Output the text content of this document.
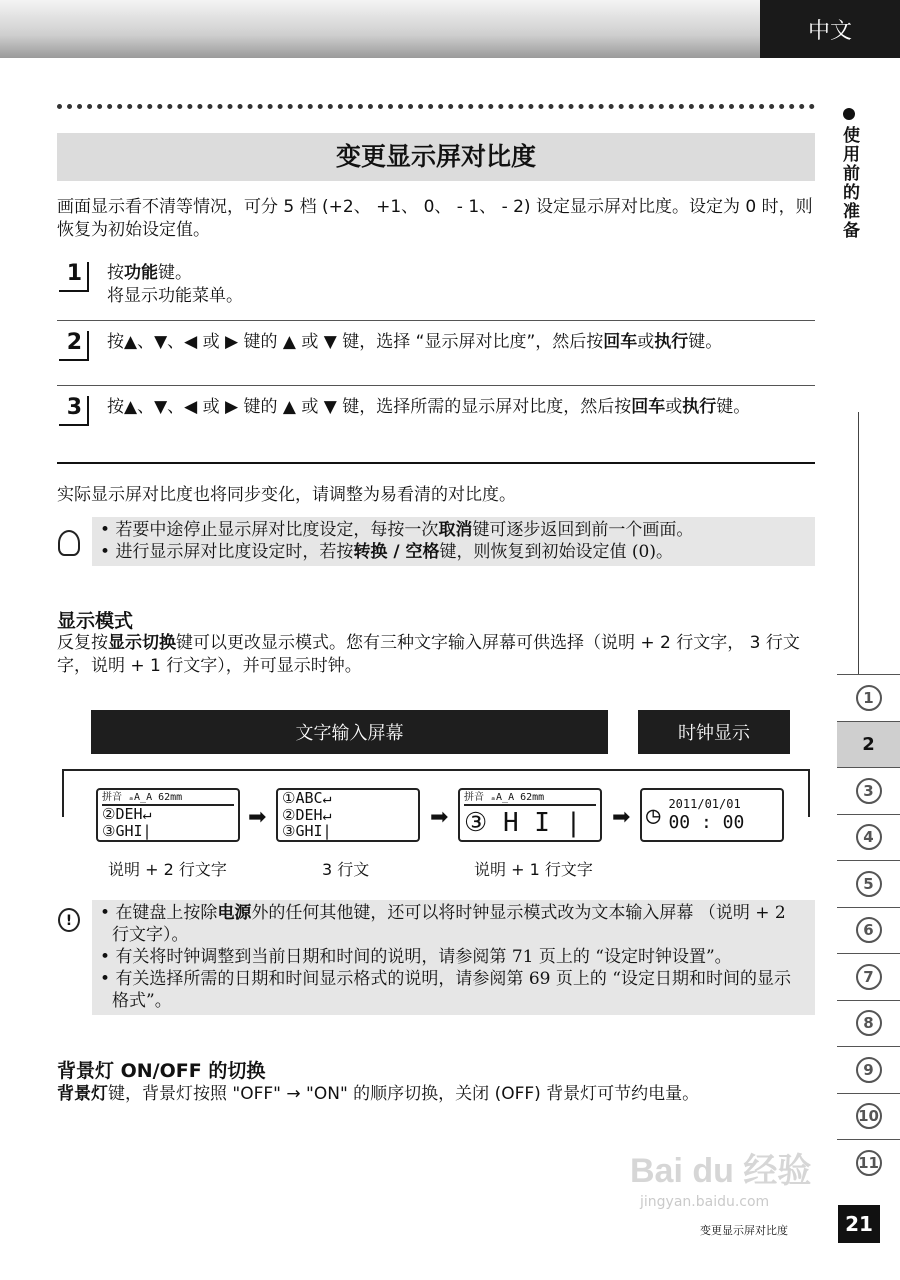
中文
使用前的准备
变更显示屏对比度
画面显示看不清等情况，可分 5 档 (+2、 +1、 0、 - 1、 - 2) 设定显示屏对比度。设定为 0 时，则恢复为初始设定值。
1	按功能键。
将显示功能菜单。
2	按▲、▼、◀ 或 ▶ 键的 ▲ 或 ▼ 键，选择 “显示屏对比度”，然后按回车或执行键。
3	按▲、▼、◀ 或 ▶ 键的 ▲ 或 ▼ 键，选择所需的显示屏对比度，然后按回车或执行键。
实际显示屏对比度也将同步变化，请调整为易看清的对比度。
• 若要中途停止显示屏对比度设定，每按一次取消键可逐步返回到前一个画面。
• 进行显示屏对比度设定时，若按转换 / 空格键，则恢复到初始设定值 (0)。
显示模式
反复按显示切换键可以更改显示模式。您有三种文字输入屏幕可供选择（说明 + 2 行文字， 3 行文字，说明 + 1 行文字），并可显示时钟。
文字输入屏幕	时钟显示
拼音 ₐA̲A 62mm
②DEH↵
③GHI|
➡
①ABC↵
②DEH↵
③GHI|
➡
拼音 ₐA̲A 62mm
③ H I |	➡ ◷ 2011/01/01
00 : 00
说明 + 2 行文字	3 行文	说明 + 1 行文字
!	• 在键盘上按除电源外的任何其他键，还可以将时钟显示模式改为文本输入屏幕 （说明 + 2 行文字）。
• 有关将时钟调整到当前日期和时间的说明，请参阅第 71 页上的 “设定时钟设置”。
• 有关选择所需的日期和时间显示格式的说明，请参阅第 69 页上的 “设定日期和时间的显示格式”。
背景灯 ON/OFF 的切换
背景灯键，背景灯按照 "OFF" → "ON" 的顺序切换，关闭 (OFF) 背景灯可节约电量。
1
2
3
4
5
6
7
8
9
10
11
Bai du 经验
jingyan.baidu.com
变更显示屏对比度	21
